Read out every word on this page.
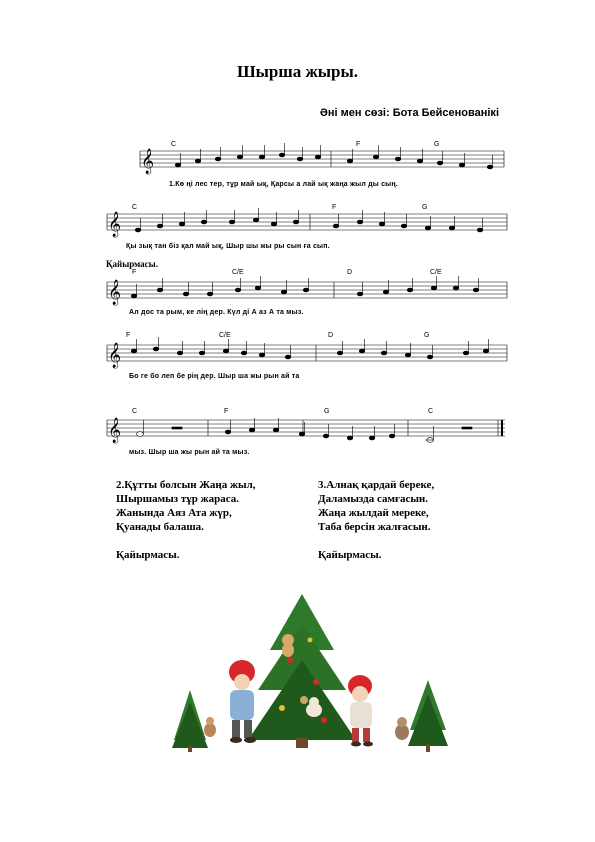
Шырша жыры.
Әні мен сөзі: Бота Бейсенованікі
𝄞
𝄞
𝄞
𝄞
𝄞
C	F	G
C	F	G
F	C/E	D	C/E
F	C/E	D	G
C	F	G	C
1.Кө ңі лес тер, тұр май ық, Қарсы а лай ық жаңа жыл ды сың.
Қы зық тан біз қал май ық, Шыр шы жы ры сын ға сып.
Қайырмасы.
Ал дос та рым, ке лің дер. Күл ді А аз А та мыз.
Бо ге бо леп бе рің дер. Шыр ша жы рын ай та
мыз. Шыр ша жы рын ай та мыз.
2.Құтты болсын Жаңа жыл,
Шыршамыз тұр жараса.
Жанында Аяз Ата жүр,
Қуанады балаша.
Қайырмасы.
3.Алнақ қардай береке,
Даламызда самғасын.
Жаңа жылдай мереке,
Таба берсін жалғасын.
Қайырмасы.
